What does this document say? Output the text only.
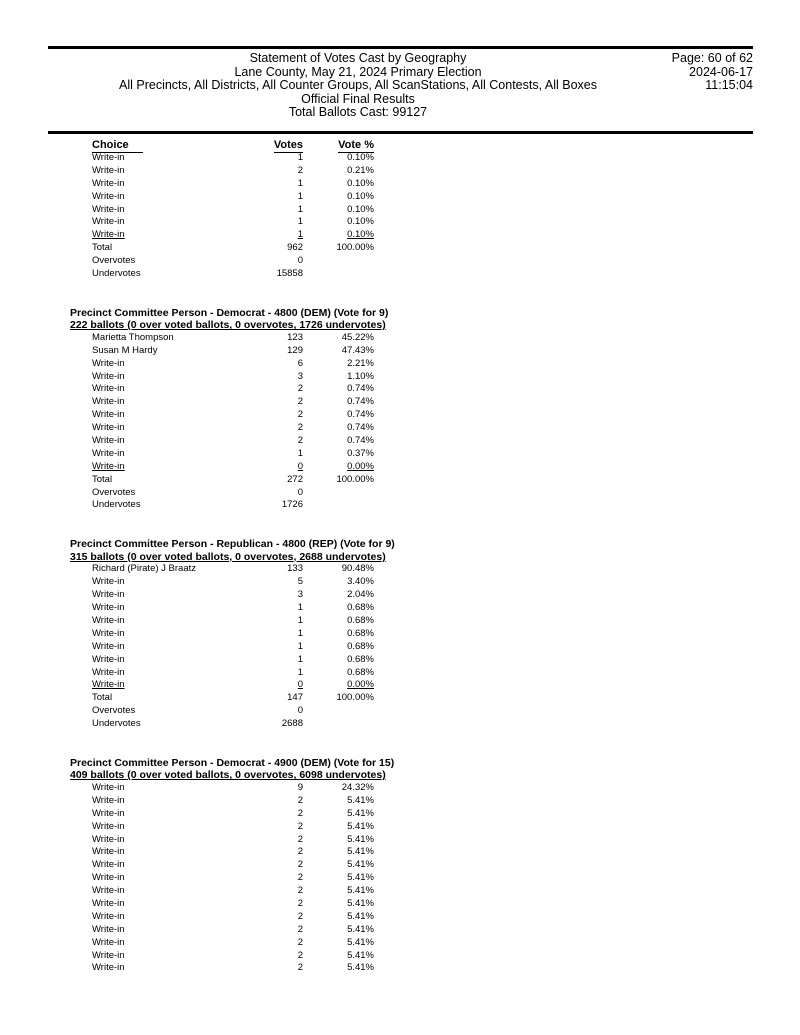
Statement of Votes Cast by Geography
Lane County, May 21, 2024 Primary Election
All Precincts, All Districts, All Counter Groups, All ScanStations, All Contests, All Boxes
Official Final Results
Total Ballots Cast: 99127
Page: 60 of 62
2024-06-17
11:15:04
Choice	Votes	Vote %
Write-in	1	0.10%
Write-in	2	0.21%
Write-in	1	0.10%
Write-in	1	0.10%
Write-in	1	0.10%
Write-in	1	0.10%
Write-in	1	0.10%
Total	962	100.00%
Overvotes	0
Undervotes	15858
Precinct Committee Person - Democrat - 4800 (DEM) (Vote for 9)
222 ballots (0 over voted ballots, 0 overvotes, 1726 undervotes)
Marietta Thompson	123	45.22%
Susan M Hardy	129	47.43%
Write-in	6	2.21%
Write-in	3	1.10%
Write-in	2	0.74%
Write-in	2	0.74%
Write-in	2	0.74%
Write-in	2	0.74%
Write-in	2	0.74%
Write-in	1	0.37%
Write-in	0	0.00%
Total	272	100.00%
Overvotes	0
Undervotes	1726
Precinct Committee Person - Republican - 4800 (REP) (Vote for 9)
315 ballots (0 over voted ballots, 0 overvotes, 2688 undervotes)
Richard (Pirate) J Braatz	133	90.48%
Write-in	5	3.40%
Write-in	3	2.04%
Write-in	1	0.68%
Write-in	1	0.68%
Write-in	1	0.68%
Write-in	1	0.68%
Write-in	1	0.68%
Write-in	1	0.68%
Write-in	0	0.00%
Total	147	100.00%
Overvotes	0
Undervotes	2688
Precinct Committee Person - Democrat - 4900 (DEM) (Vote for 15)
409 ballots (0 over voted ballots, 0 overvotes, 6098 undervotes)
Write-in	9	24.32%
Write-in	2	5.41%
Write-in	2	5.41%
Write-in	2	5.41%
Write-in	2	5.41%
Write-in	2	5.41%
Write-in	2	5.41%
Write-in	2	5.41%
Write-in	2	5.41%
Write-in	2	5.41%
Write-in	2	5.41%
Write-in	2	5.41%
Write-in	2	5.41%
Write-in	2	5.41%
Write-in	2	5.41%
